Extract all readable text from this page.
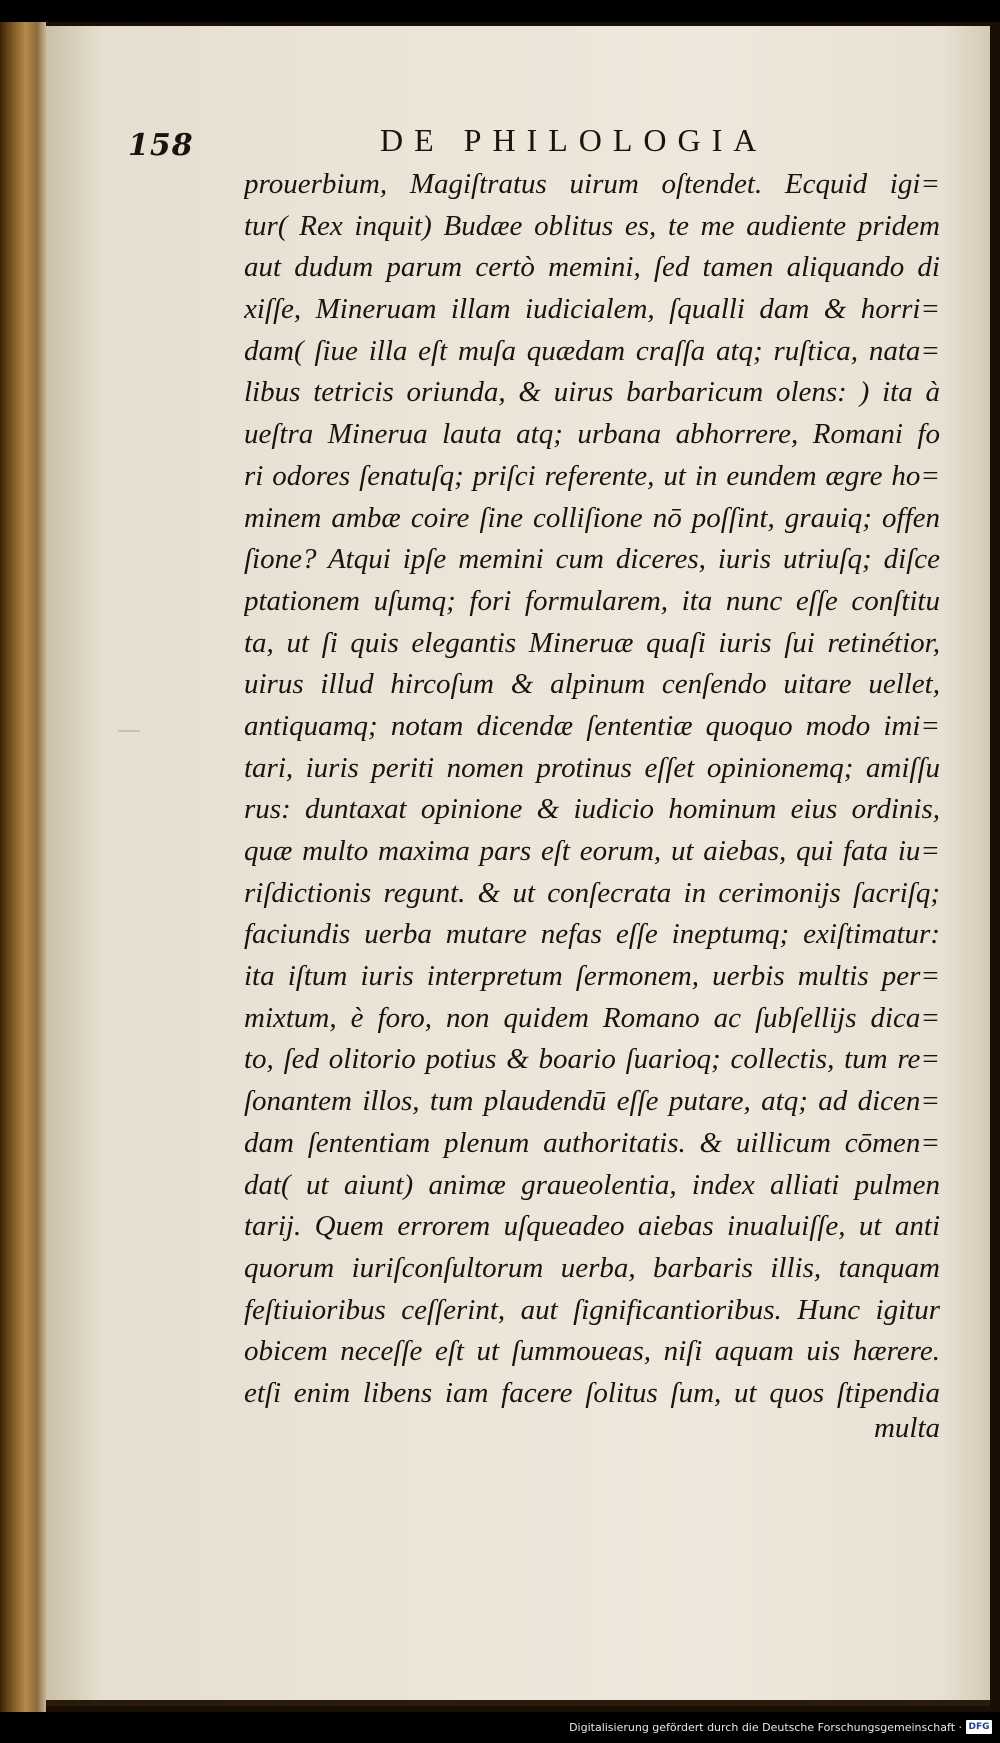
158	DE PHILOLOGIA
prouerbium, Magiſtratus uirum oſtendet. Ecquid igi=
tur( Rex inquit) Budæe oblitus es, te me audiente pridem
aut dudum parum certò memini, ſed tamen aliquando di
xiſſe, Mineruam illam iudicialem, ſqualli dam & horri=
dam( ſiue illa eſt muſa quædam craſſa atq; ruſtica, nata=
libus tetricis oriunda, & uirus barbaricum olens: ) ita à
ueſtra Minerua lauta atq; urbana abhorrere, Romani fo
ri odores ſenatuſq; priſci referente, ut in eundem ægre ho=
minem ambæ coire ſine colliſione nō poſſint, grauiq; offen
ſione? Atqui ipſe memini cum diceres, iuris utriuſq; diſce
ptationem uſumq; fori formularem, ita nunc eſſe conſtitu
ta, ut ſi quis elegantis Mineruæ quaſi iuris ſui retinétior,
uirus illud hircoſum & alpinum cenſendo uitare uellet,
antiquamq; notam dicendæ ſententiæ quoquo modo imi=
tari, iuris periti nomen protinus eſſet opinionemq; amiſſu
rus: duntaxat opinione & iudicio hominum eius ordinis,
quæ multo maxima pars eſt eorum, ut aiebas, qui fata iu=
riſdictionis regunt. & ut conſecrata in cerimonijs ſacriſq;
faciundis uerba mutare nefas eſſe ineptumq; exiſtimatur:
ita iſtum iuris interpretum ſermonem, uerbis multis per=
mixtum, è foro, non quidem Romano ac ſubſellijs dica=
to, ſed olitorio potius & boario ſuarioq; collectis, tum re=
ſonantem illos, tum plaudendū eſſe putare, atq; ad dicen=
dam ſententiam plenum authoritatis. & uillicum cōmen=
dat( ut aiunt) animæ graueolentia, index alliati pulmen
tarij. Quem errorem uſqueadeo aiebas inualuiſſe, ut anti
quorum iuriſconſultorum uerba, barbaris illis, tanquam
feſtiuioribus ceſſerint, aut ſignificantioribus. Hunc igitur
obicem neceſſe eſt ut ſummoueas, niſi aquam uis hærere.
etſi enim libens iam facere ſolitus ſum, ut quos ſtipendia
multa
Digitalisierung gefördert durch die Deutsche Forschungsgemeinschaft · DFG
